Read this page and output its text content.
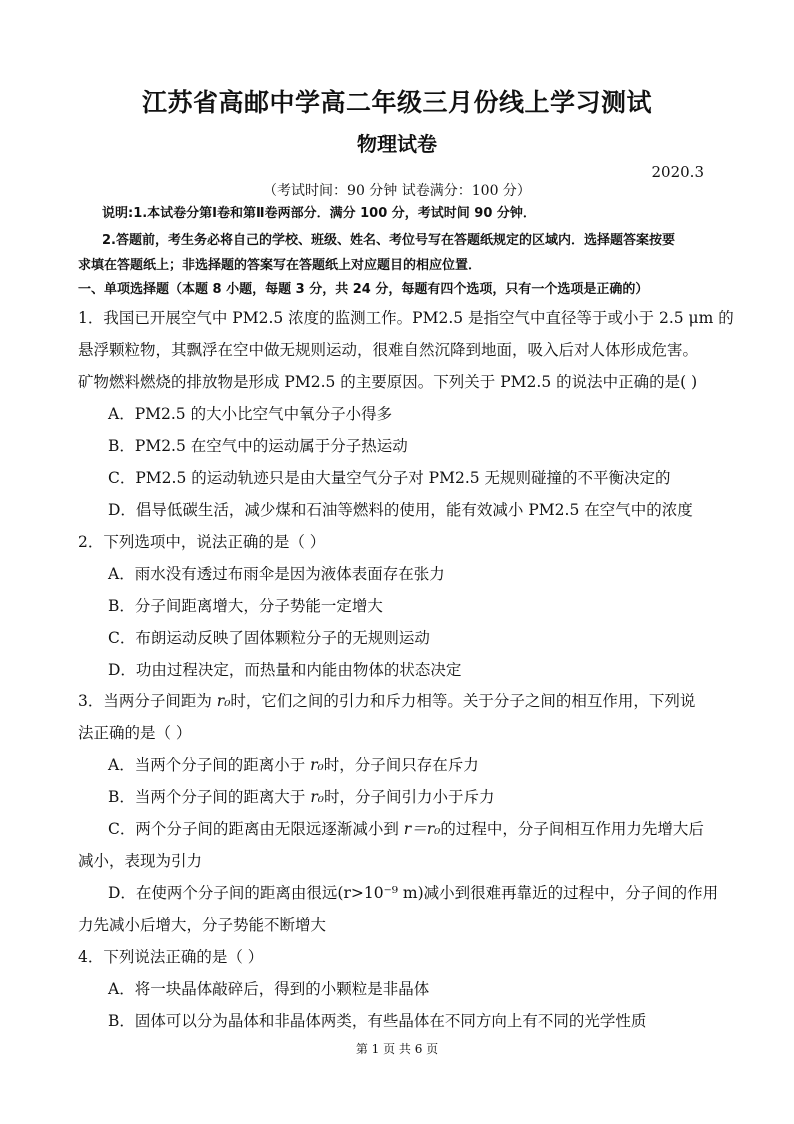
江苏省高邮中学高二年级三月份线上学习测试
物理试卷
2020.3
（考试时间：90 分钟 试卷满分：100 分）
说明:1.本试卷分第Ⅰ卷和第Ⅱ卷两部分．满分 100 分，考试时间 90 分钟．
2.答题前，考生务必将自己的学校、班级、姓名、考位号写在答题纸规定的区域内．选择题答案按要
求填在答题纸上；非选择题的答案写在答题纸上对应题目的相应位置．
一、单项选择题（本题 8 小题，每题 3 分，共 24 分，每题有四个选项，只有一个选项是正确的）
1．我国已开展空气中 PM2.5 浓度的监测工作。PM2.5 是指空气中直径等于或小于 2.5 μm 的
悬浮颗粒物，其飘浮在空中做无规则运动，很难自然沉降到地面，吸入后对人体形成危害。
矿物燃料燃烧的排放物是形成 PM2.5 的主要原因。下列关于 PM2.5 的说法中正确的是( )
A．PM2.5 的大小比空气中氧分子小得多
B．PM2.5 在空气中的运动属于分子热运动
C．PM2.5 的运动轨迹只是由大量空气分子对 PM2.5 无规则碰撞的不平衡决定的
D．倡导低碳生活，减少煤和石油等燃料的使用，能有效减小 PM2.5 在空气中的浓度
2．下列选项中，说法正确的是（ ）
A．雨水没有透过布雨伞是因为液体表面存在张力
B．分子间距离增大，分子势能一定增大
C．布朗运动反映了固体颗粒分子的无规则运动
D．功由过程决定，而热量和内能由物体的状态决定
3．当两分子间距为 r₀时，它们之间的引力和斥力相等。关于分子之间的相互作用，下列说
法正确的是（ ）
A．当两个分子间的距离小于 r₀时，分子间只存在斥力
B．当两个分子间的距离大于 r₀时，分子间引力小于斥力
C．两个分子间的距离由无限远逐渐减小到 r＝r₀的过程中，分子间相互作用力先增大后
减小，表现为引力
D．在使两个分子间的距离由很远(r>10⁻⁹ m)减小到很难再靠近的过程中，分子间的作用
力先减小后增大，分子势能不断增大
4．下列说法正确的是（ ）
A．将一块晶体敲碎后，得到的小颗粒是非晶体
B．固体可以分为晶体和非晶体两类，有些晶体在不同方向上有不同的光学性质
第 1 页 共 6 页
